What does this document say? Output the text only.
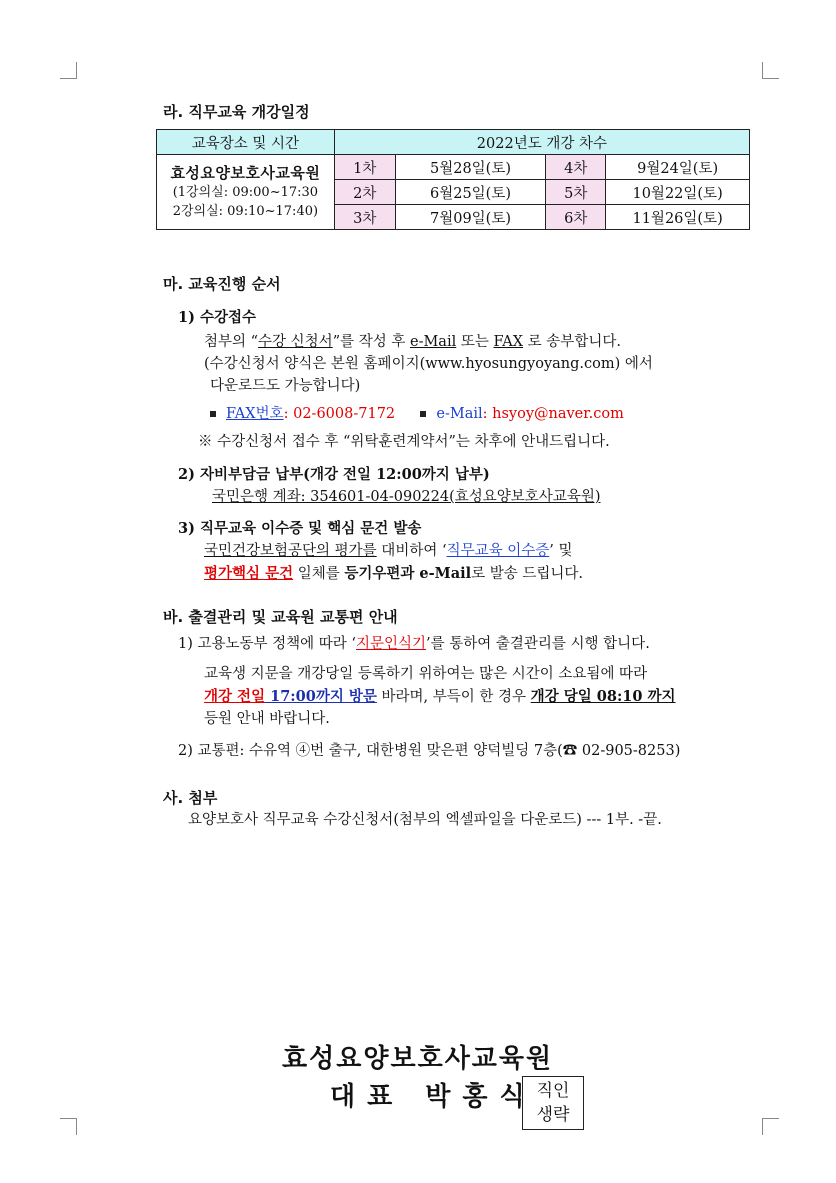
라. 직무교육 개강일정
교육장소 및 시간	2022년도 개강 차수			

효성요양보호사교육원
(1강의실: 09:00~17:30
2강의실: 09:10~17:40)	1차	5월28일(토)	4차	9월24일(토)
	2차	6월25일(토)	5차	10월22일(토)
	3차	7월09일(토)	6차	11월26일(토)
마. 교육진행 순서
1) 수강접수
첨부의 “수강 신청서”를 작성 후 e-Mail 또는 FAX 로 송부합니다.
(수강신청서 양식은 본원 홈페이지(www.hyosungyoyang.com) 에서
다운로드도 가능합니다)
FAX번호: 02-6008-7172	e-Mail: hsyoy@naver.com
※ 수강신청서 접수 후 “위탁훈련계약서”는 차후에 안내드립니다.
2) 자비부담금 납부(개강 전일 12:00까지 납부)
국민은행 계좌: 354601-04-090224(효성요양보호사교육원)
3) 직무교육 이수증 및 핵심 문건 발송
국민건강보험공단의 평가를 대비하여 ‘직무교육 이수증’ 및
평가핵심 문건 일체를 등기우편과 e-Mail로 발송 드립니다.
바. 출결관리 및 교육원 교통편 안내
1) 고용노동부 정책에 따라 ‘지문인식기’를 통하여 출결관리를 시행 합니다.
교육생 지문을 개강당일 등록하기 위하여는 많은 시간이 소요됨에 따라
개강 전일 17:00까지 방문 바라며, 부득이 한 경우 개강 당일 08:10 까지
등원 안내 바랍니다.
2) 교통편: 수유역 ④번 출구, 대한병원 맞은편 양덕빌딩 7층(☎ 02-905-8253)
사. 첨부
요양보호사 직무교육 수강신청서(첨부의 엑셀파일을 다운로드) --- 1부. -끝.
효성요양보호사교육원
대표 박홍식 직인
생략
